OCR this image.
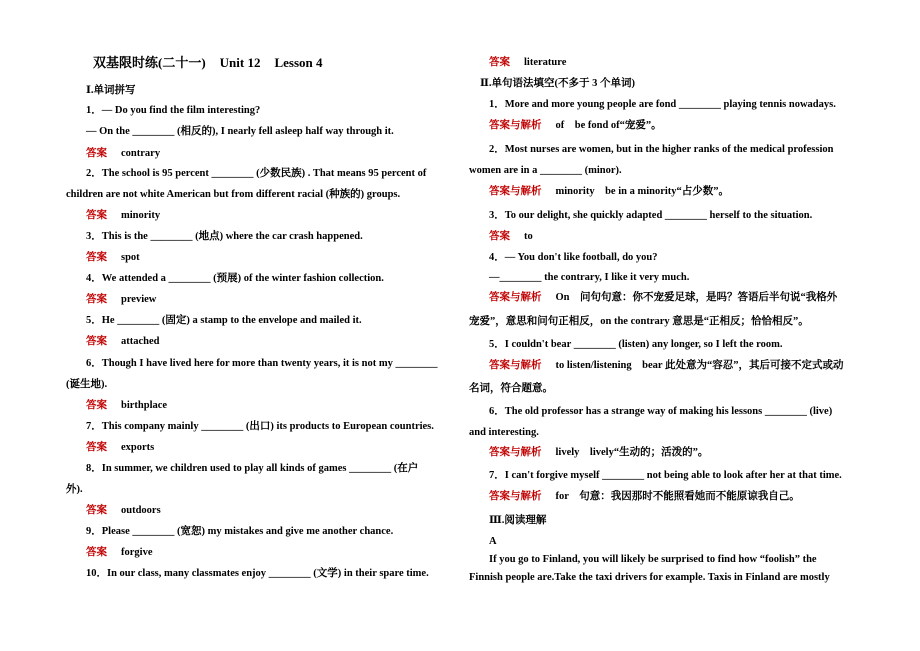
双基限时练(二十一) Unit 12 Lesson 4
Ⅰ.单词拼写
1．— Do you find the film interesting?
— On the ________ (相反的), I nearly fell asleep half way through it.
答案 contrary
2．The school is 95 percent ________ (少数民族) . That means 95 percent of
children are not white American but from different racial (种族的) groups.
答案 minority
3．This is the ________ (地点) where the car crash happened.
答案 spot
4．We attended a ________ (预展) of the winter fashion collection.
答案 preview
5．He ________ (固定) a stamp to the envelope and mailed it.
答案 attached
6．Though I have lived here for more than twenty years, it is not my ________
(诞生地).
答案 birthplace
7．This company mainly ________ (出口) its products to European countries.
答案 exports
8．In summer, we children used to play all kinds of games ________ (在户
外).
答案 outdoors
9．Please ________ (宽恕) my mistakes and give me another chance.
答案 forgive
10．In our class, many classmates enjoy ________ (文学) in their spare time.
答案 literature
Ⅱ.单句语法填空(不多于 3 个单词)
1．More and more young people are fond ________ playing tennis nowadays.
答案与解析 of　be fond of“宠爱”。
2．Most nurses are women, but in the higher ranks of the medical profession
women are in a ________ (minor).
答案与解析 minority　be in a minority“占少数”。
3．To our delight, she quickly adapted ________ herself to the situation.
答案 to
4．— You don't like football, do you?
—________ the contrary, I like it very much.
答案与解析 On　问句句意：你不宠爱足球，是吗？答语后半句说“我格外
宠爱”，意思和问句正相反，on the contrary 意思是“正相反；恰恰相反”。
5．I couldn't bear ________ (listen) any longer, so I left the room.
答案与解析 to listen/listening　bear 此处意为“容忍”，其后可接不定式或动
名词，符合题意。
6．The old professor has a strange way of making his lessons ________ (live)
and interesting.
答案与解析 lively　lively“生动的；活泼的”。
7．I can't forgive myself ________ not being able to look after her at that time.
答案与解析 for　句意：我因那时不能照看她而不能原谅我自己。
Ⅲ.阅读理解
A
If you go to Finland, you will likely be surprised to find how “foolish” the
Finnish people are.Take the taxi drivers for example. Taxis in Finland are mostly
